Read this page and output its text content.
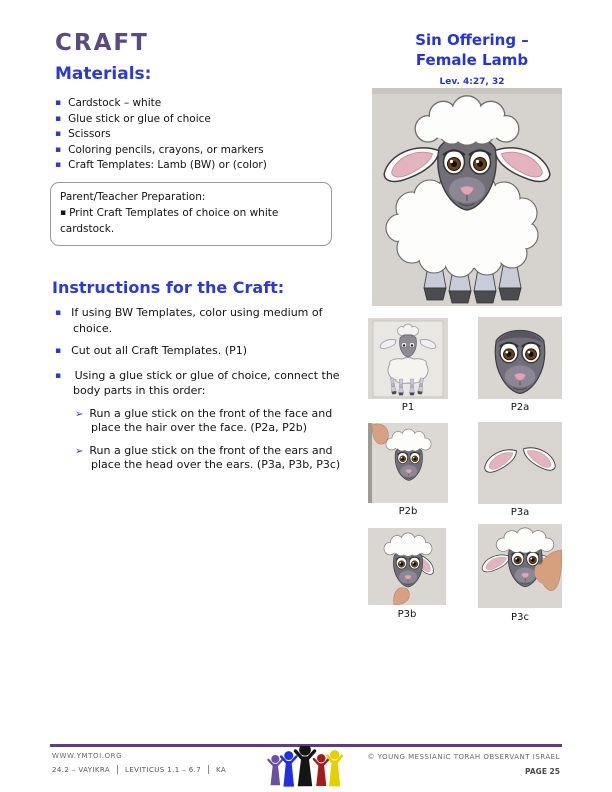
CRAFT	Sin Offering –
Female Lamb
Lev. 4:27, 32
Materials:
▪ Cardstock – white
▪ Glue stick or glue of choice
▪ Scissors
▪ Coloring pencils, crayons, or markers
▪ Craft Templates: Lamb (BW) or (color)
Parent/Teacher Preparation:
▪ Print Craft Templates of choice on white cardstock.
Instructions for the Craft:
▪ If using BW Templates, color using medium of choice.
▪ Cut out all Craft Templates. (P1)
▪ Using a glue stick or glue of choice, connect the body parts in this order:
➢ Run a glue stick on the front of the face and place the hair over the face. (P2a, P2b)
➢ Run a glue stick on the front of the ears and place the head over the ears. (P3a, P3b, P3c)
P1	P2a
P2b	P3a
P3b	P3c
WWW.YMTOI.ORG
24.2 – VAYIKRA LEVITICUS 1.1 – 6.7 KA
© YOUNG MESSIANIC TORAH OBSERVANT ISRAEL
PAGE 25
